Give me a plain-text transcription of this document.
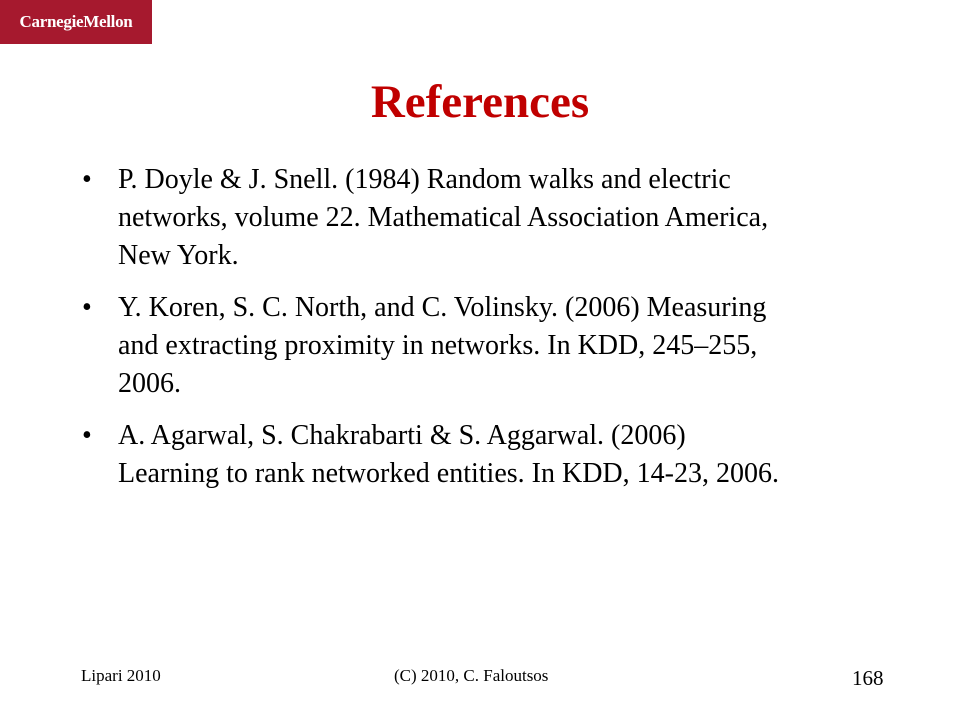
CarnegieMellon
References
• P. Doyle & J. Snell. (1984) Random walks and electric
networks, volume 22. Mathematical Association America,
New York.
• Y. Koren, S. C. North, and C. Volinsky. (2006) Measuring
and extracting proximity in networks. In KDD, 245–255,
2006.
• A. Agarwal, S. Chakrabarti & S. Aggarwal. (2006)
Learning to rank networked entities. In KDD, 14-23, 2006.
Lipari 2010	(C) 2010, C. Faloutsos	168
